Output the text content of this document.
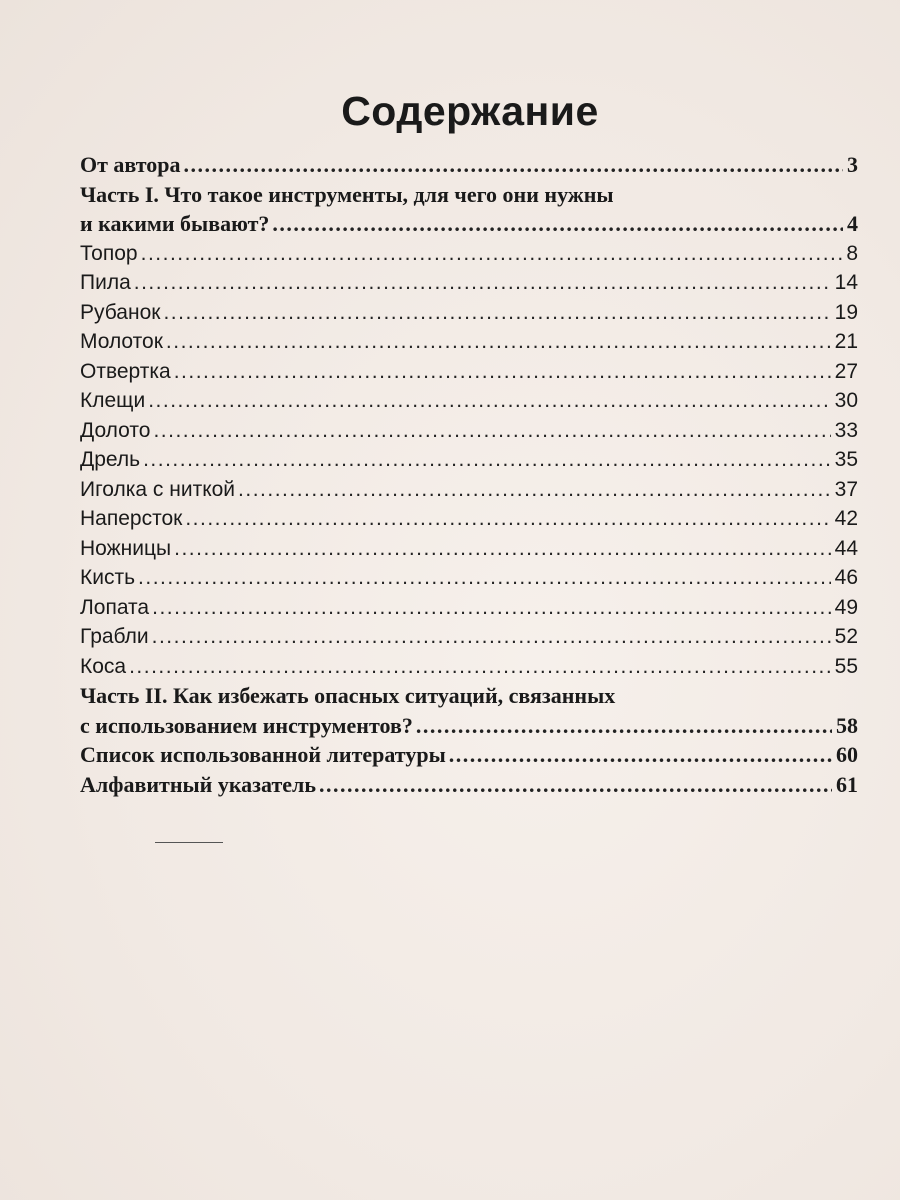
Содержание
От автора .....	3
Часть I. Что такое инструменты, для чего они нужны
и какими бывают? .....	4
Топор .....	8
Пила .....	14
Рубанок .....	19
Молоток .....	21
Отвертка .....	27
Клещи .....	30
Долото .....	33
Дрель .....	35
Иголка с ниткой .....	37
Наперсток .....	42
Ножницы .....	44
Кисть .....	46
Лопата .....	49
Грабли .....	52
Коса .....	55
Часть II. Как избежать опасных ситуаций, связанных
с использованием инструментов? .....	58
Список использованной литературы .....	60
Алфавитный указатель .....	61
